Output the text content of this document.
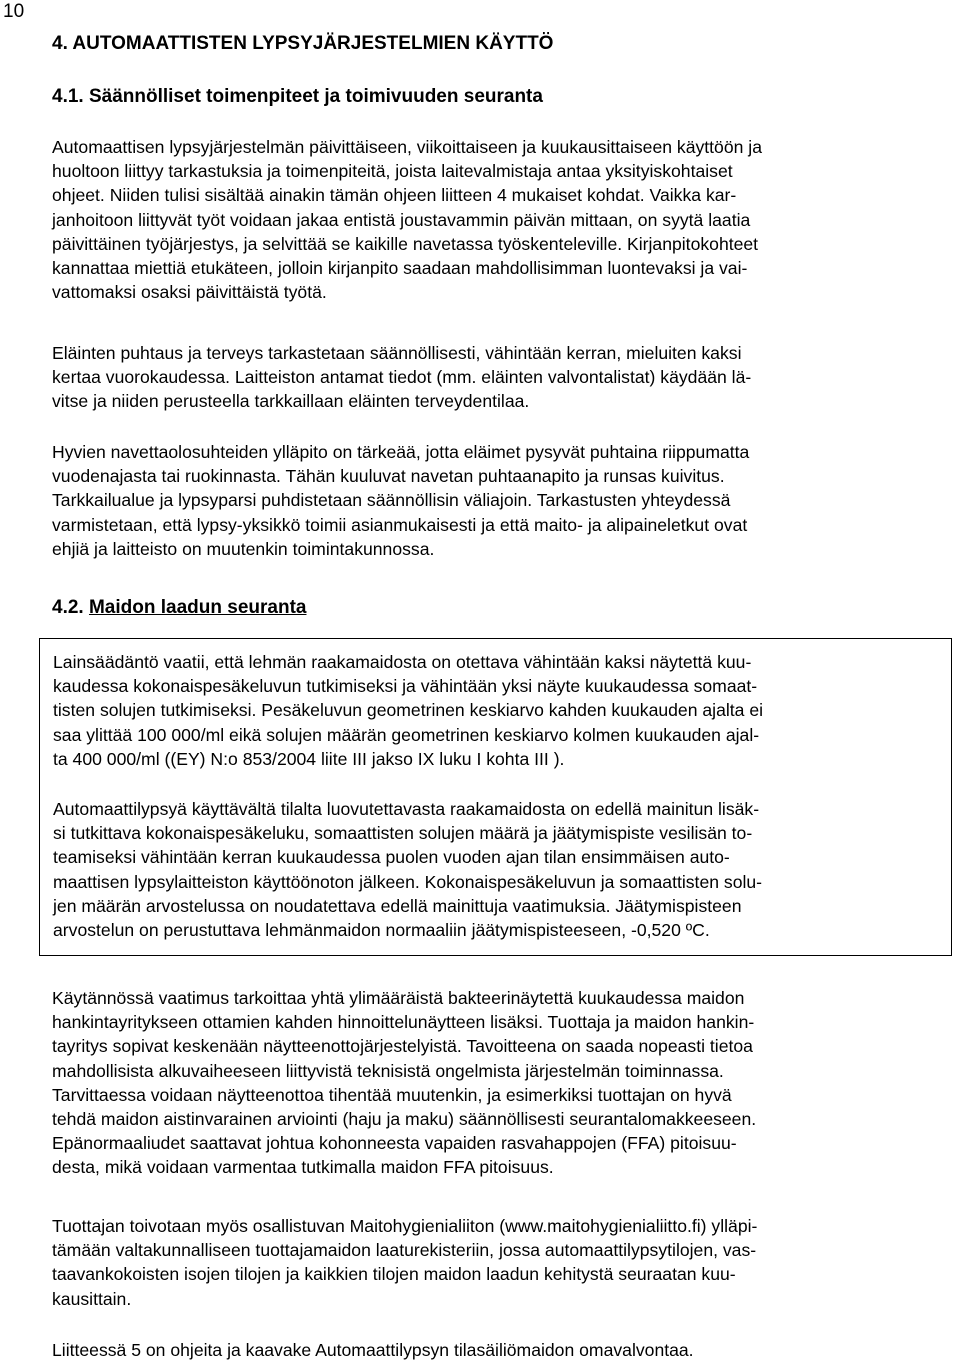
10
4. AUTOMAATTISTEN LYPSYJÄRJESTELMIEN KÄYTTÖ
4.1. Säännölliset toimenpiteet ja toimivuuden seuranta

Automaattisen lypsyjärjestelmän päivittäiseen, viikoittaiseen ja kuukausittaiseen käyttöön ja
huoltoon liittyy tarkastuksia ja toimenpiteitä, joista laitevalmistaja antaa yksityiskohtaiset
ohjeet. Niiden tulisi sisältää ainakin tämän ohjeen liitteen 4 mukaiset kohdat. Vaikka kar-
janhoitoon liittyvät työt voidaan jakaa entistä joustavammin päivän mittaan, on syytä laatia
päivittäinen työjärjestys, ja selvittää se kaikille navetassa työskenteleville. Kirjanpitokohteet
kannattaa miettiä etukäteen, jolloin kirjanpito saadaan mahdollisimman luontevaksi ja vai-
vattomaksi osaksi päivittäistä työtä.

Eläinten puhtaus ja terveys tarkastetaan säännöllisesti, vähintään kerran, mieluiten kaksi
kertaa vuorokaudessa. Laitteiston antamat tiedot (mm. eläinten valvontalistat) käydään lä-
vitse ja niiden perusteella tarkkaillaan eläinten terveydentilaa.

Hyvien navettaolosuhteiden ylläpito on tärkeää, jotta eläimet pysyvät puhtaina riippumatta
vuodenajasta tai ruokinnasta. Tähän kuuluvat navetan puhtaanapito ja runsas kuivitus.
Tarkkailualue ja lypsyparsi puhdistetaan säännöllisin väliajoin. Tarkastusten yhteydessä
varmistetaan, että lypsy-yksikkö toimii asianmukaisesti ja että maito- ja alipaineletkut ovat
ehjiä ja laitteisto on muutenkin toimintakunnossa.

4.2. Maidon laadun seuranta

Lainsäädäntö vaatii, että lehmän raakamaidosta on otettava vähintään kaksi näytettä kuu-
kaudessa kokonaispesäkeluvun tutkimiseksi ja vähintään yksi näyte kuukaudessa somaat-
tisten solujen tutkimiseksi. Pesäkeluvun geometrinen keskiarvo kahden kuukauden ajalta ei
saa ylittää 100 000/ml eikä solujen määrän geometrinen keskiarvo kolmen kuukauden ajal-
ta 400 000/ml ((EY) N:o 853/2004 liite III jakso IX luku I kohta III ).

Automaattilypsyä käyttävältä tilalta luovutettavasta raakamaidosta on edellä mainitun lisäk-
si tutkittava kokonaispesäkeluku, somaattisten solujen määrä ja jäätymispiste vesilisän to-
teamiseksi vähintään kerran kuukaudessa puolen vuoden ajan tilan ensimmäisen auto-
maattisen lypsylaitteiston käyttöönoton jälkeen. Kokonaispesäkeluvun ja somaattisten solu-
jen määrän arvostelussa on noudatettava edellä mainittuja vaatimuksia. Jäätymispisteen
arvostelun on perustuttava lehmänmaidon normaaliin jäätymispisteeseen, -0,520 ºC.

Käytännössä vaatimus tarkoittaa yhtä ylimääräistä bakteerinäytettä kuukaudessa maidon
hankintayritykseen ottamien kahden hinnoittelunäytteen lisäksi. Tuottaja ja maidon hankin-
tayritys sopivat keskenään näytteenottojärjestelyistä. Tavoitteena on saada nopeasti tietoa
mahdollisista alkuvaiheeseen liittyvistä teknisistä ongelmista järjestelmän toiminnassa.
Tarvittaessa voidaan näytteenottoa tihentää muutenkin, ja esimerkiksi tuottajan on hyvä
tehdä maidon aistinvarainen arviointi (haju ja maku) säännöllisesti seurantalomakkeeseen.
Epänormaaliudet saattavat johtua kohonneesta vapaiden rasvahappojen (FFA) pitoisuu-
desta, mikä voidaan varmentaa tutkimalla maidon FFA pitoisuus.

Tuottajan toivotaan myös osallistuvan Maitohygienialiiton (www.maitohygienialiitto.fi) ylläpi-
tämään valtakunnalliseen tuottajamaidon laaturekisteriin, jossa automaattilypsytilojen, vas-
taavankokoisten isojen tilojen ja kaikkien tilojen maidon laadun kehitystä seuraatan kuu-
kausittain.

Liitteessä 5 on ohjeita ja kaavake Automaattilypsyn tilasäiliömaidon omavalvontaa.
